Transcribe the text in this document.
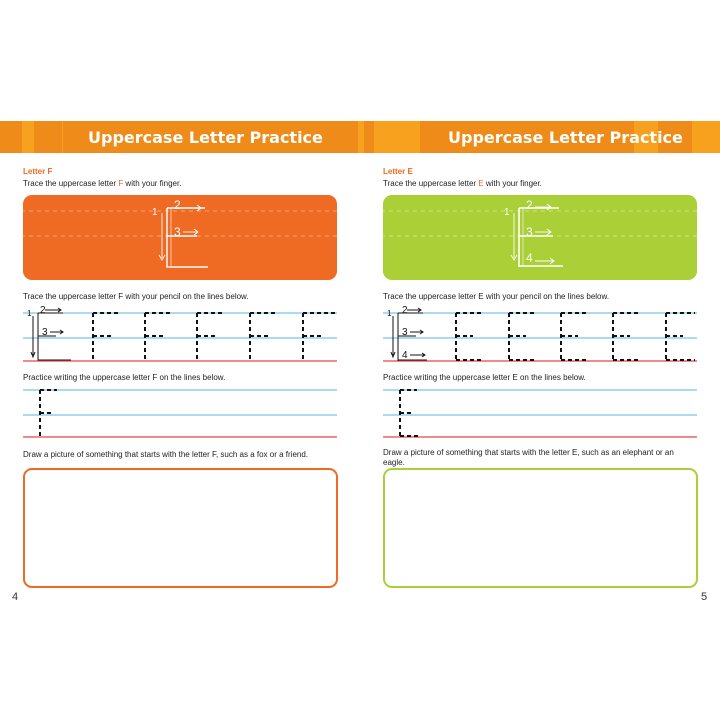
Uppercase Letter Practice	Uppercase Letter Practice
Letter F
Trace the uppercase letter F with your finger.
1
2
3
Trace the uppercase letter F with your pencil on the lines below.
1 2
3
Practice writing the uppercase letter F on the lines below.
Draw a picture of something that starts with the letter F, such as a fox or a friend.
4
Letter E
Trace the uppercase letter E with your finger.
1
2
3
4
Trace the uppercase letter E with your pencil on the lines below.
1 2
3
4
Practice writing the uppercase letter E on the lines below.
Draw a picture of something that starts with the letter E, such as an elephant or an
eagle.
5
